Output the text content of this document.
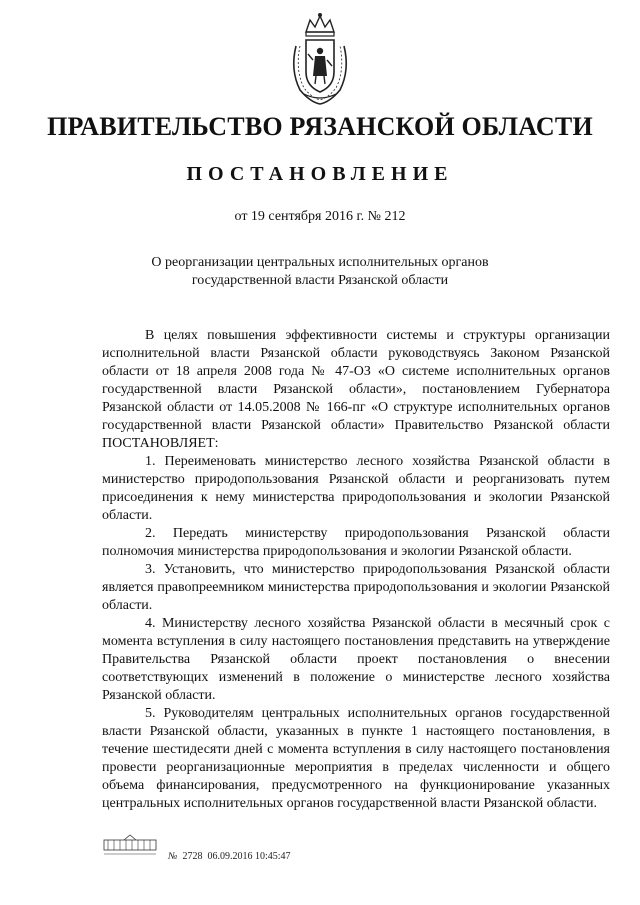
ПРАВИТЕЛЬСТВО РЯЗАНСКОЙ ОБЛАСТИ
ПОСТАНОВЛЕНИЕ
от 19 сентября 2016 г. № 212
О реорганизации центральных исполнительных органов
государственной власти Рязанской области

В целях повышения эффективности системы и структуры организации исполнительной власти Рязанской области руководствуясь Законом Рязанской области от 18 апреля 2008 года № 47-ОЗ «О системе исполнительных органов государственной власти Рязанской области», постановлением Губернатора Рязанской области от 14.05.2008 № 166-пг «О структуре исполнительных органов государственной власти Рязанской области» Правительство Рязанской области ПОСТАНОВЛЯЕТ:

1. Переименовать министерство лесного хозяйства Рязанской области в министерство природопользования Рязанской области и реорганизовать путем присоединения к нему министерства природопользования и экологии Рязанской области.

2. Передать министерству природопользования Рязанской области полномочия министерства природопользования и экологии Рязанской области.

3. Установить, что министерство природопользования Рязанской области является правопреемником министерства природопользования и экологии Рязанской области.

4. Министерству лесного хозяйства Рязанской области в месячный срок с момента вступления в силу настоящего постановления представить на утверждение Правительства Рязанской области проект постановления о внесении соответствующих изменений в положение о министерстве лесного хозяйства Рязанской области.

5. Руководителям центральных исполнительных органов государственной власти Рязанской области, указанных в пункте 1 настоящего постановления, в течение шестидесяти дней с момента вступления в силу настоящего постановления провести реорганизационные мероприятия в пределах численности и общего объема финансирования, предусмотренного на функционирование указанных центральных исполнительных органов государственной власти Рязанской области.

№ 2728 06.09.2016 10:45:47
